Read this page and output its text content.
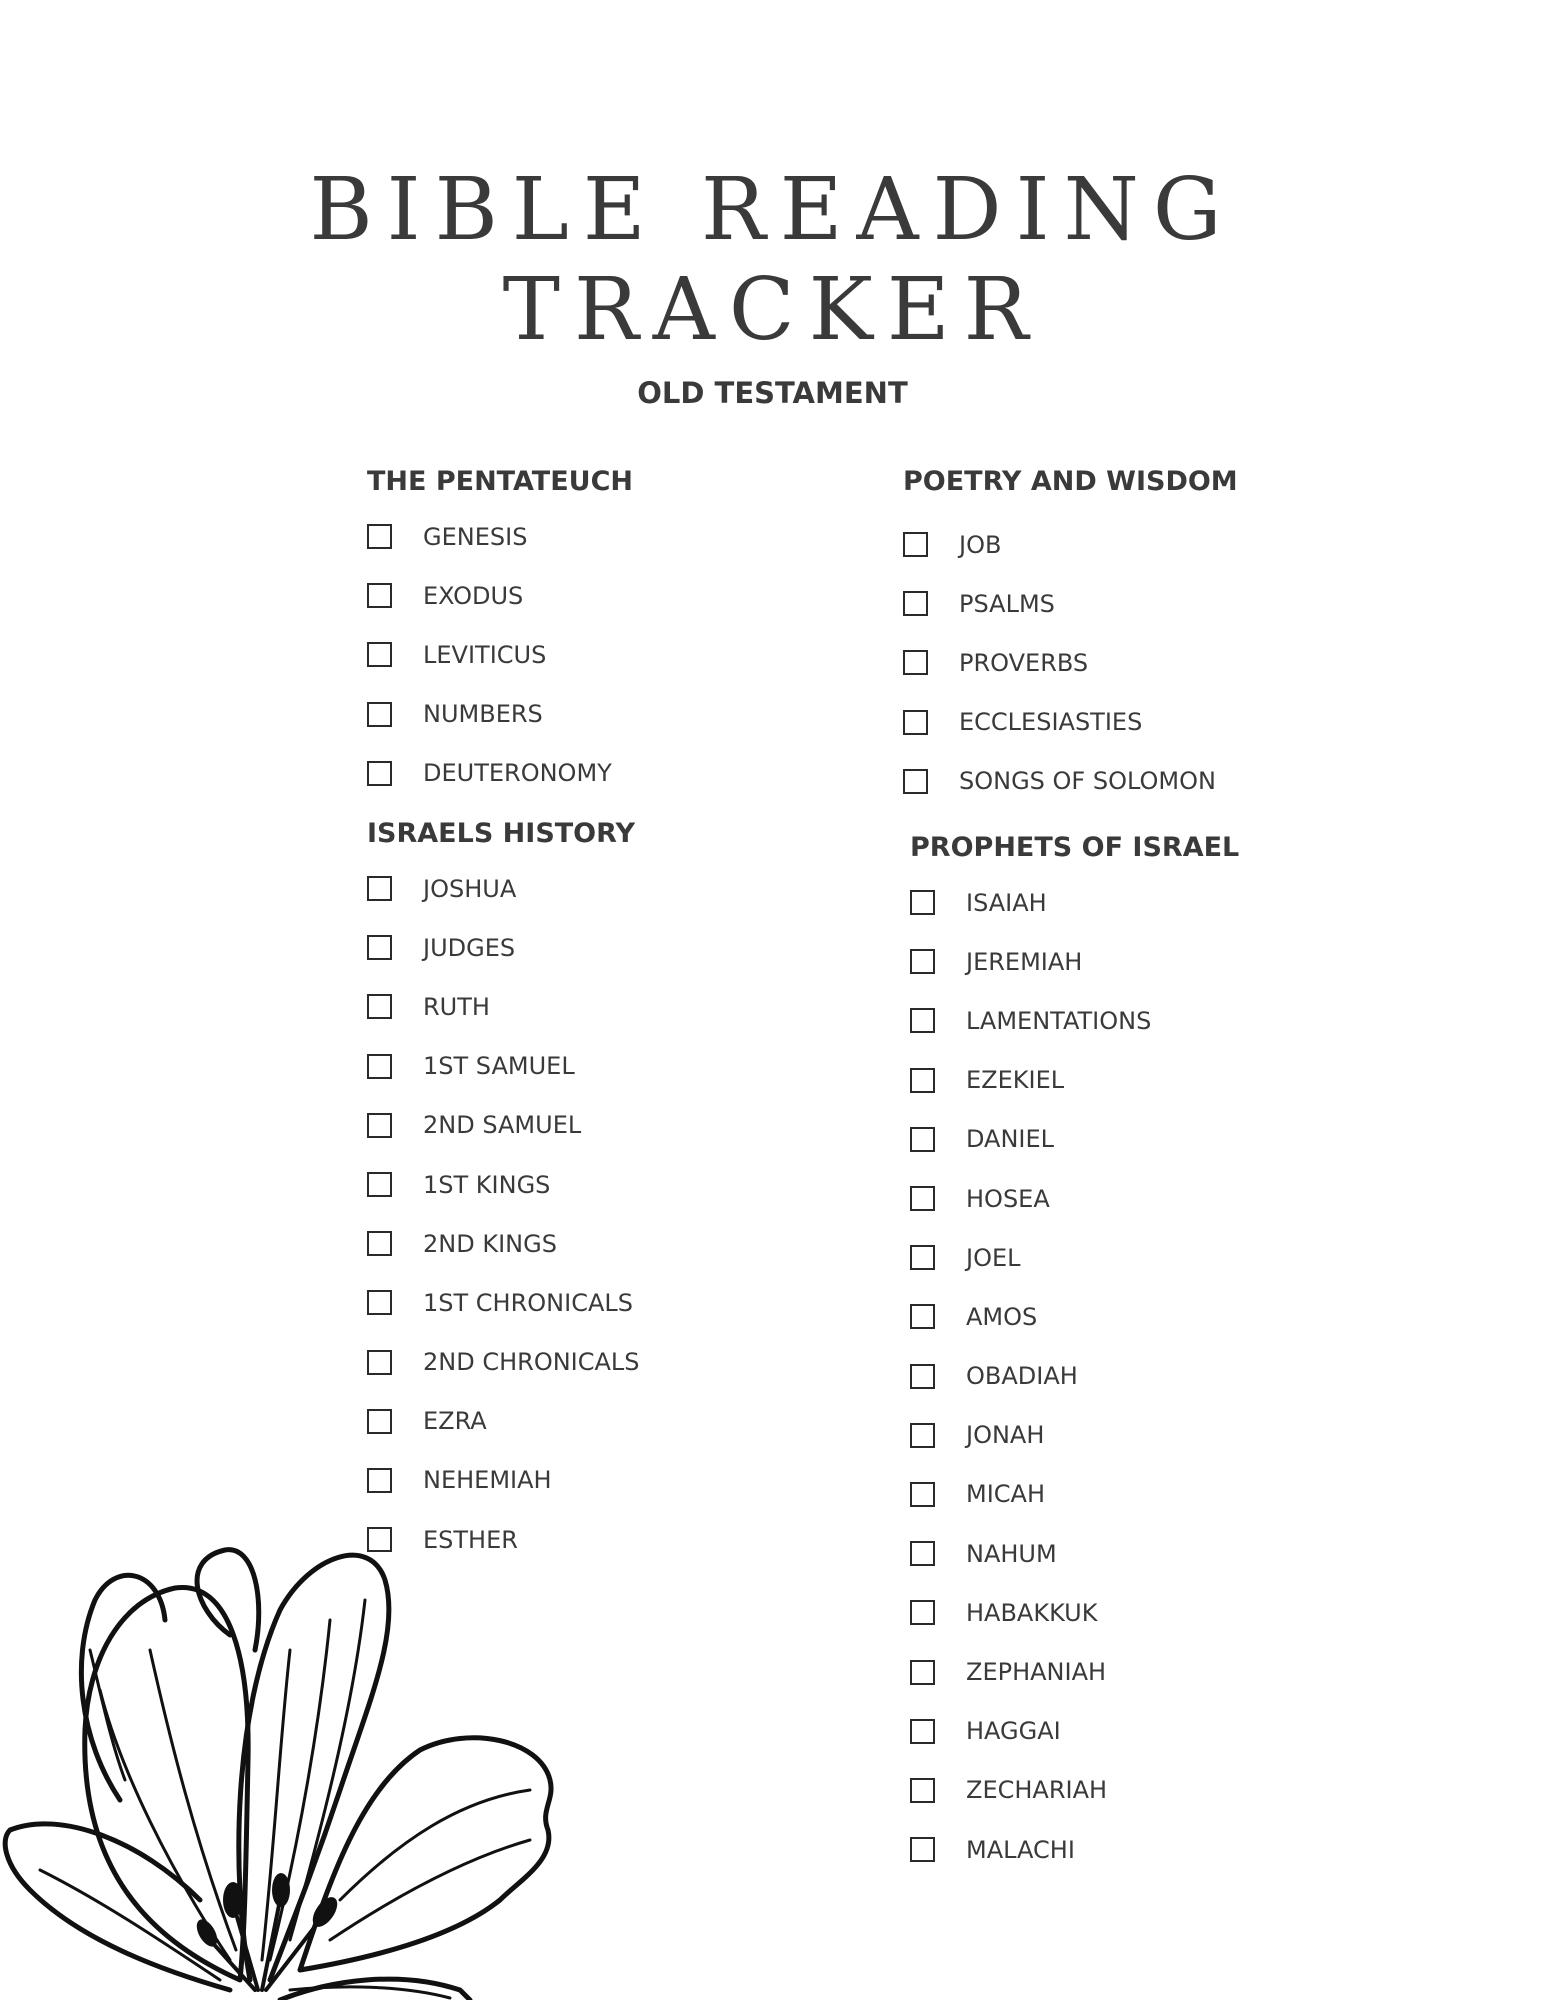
BIBLE READING
TRACKER
OLD TESTAMENT
THE PENTATEUCH
GENESIS
EXODUS
LEVITICUS
NUMBERS
DEUTERONOMY
ISRAELS HISTORY
JOSHUA
JUDGES
RUTH
1ST SAMUEL
2ND SAMUEL
1ST KINGS
2ND KINGS
1ST CHRONICALS
2ND CHRONICALS
EZRA
NEHEMIAH
ESTHER
POETRY AND WISDOM
JOB
PSALMS
PROVERBS
ECCLESIASTIES
SONGS OF SOLOMON
PROPHETS OF ISRAEL
ISAIAH
JEREMIAH
LAMENTATIONS
EZEKIEL
DANIEL
HOSEA
JOEL
AMOS
OBADIAH
JONAH
MICAH
NAHUM
HABAKKUK
ZEPHANIAH
HAGGAI
ZECHARIAH
MALACHI
